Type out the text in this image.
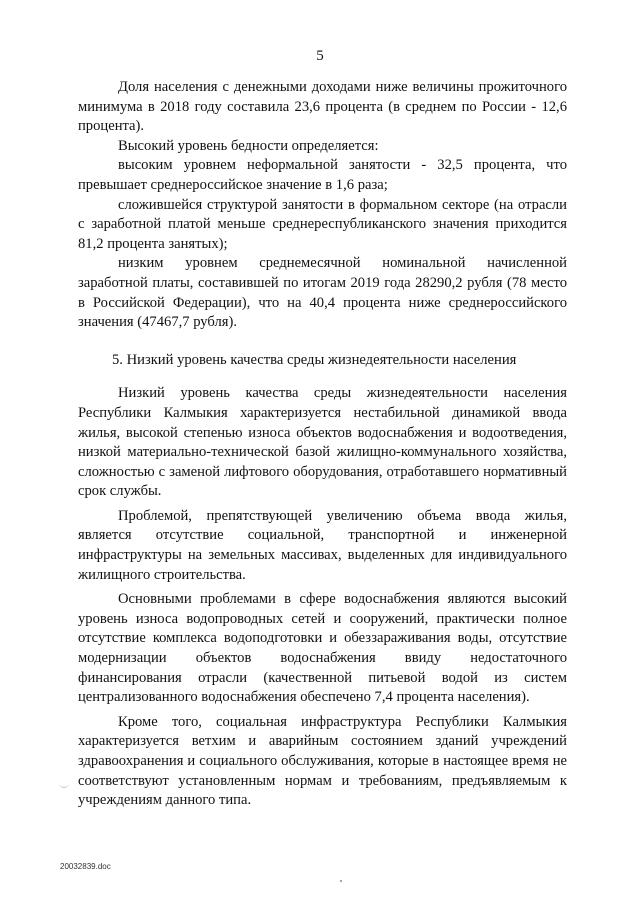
5

Доля населения с денежными доходами ниже величины прожиточного минимума в 2018 году составила 23,6 процента (в среднем по России - 12,6 процента).

Высокий уровень бедности определяется:

высоким уровнем неформальной занятости - 32,5 процента, что превышает среднероссийское значение в 1,6 раза;

сложившейся структурой занятости в формальном секторе (на отрасли с заработной платой меньше среднереспубликанского значения приходится 81,2 процента занятых);

низким уровнем среднемесячной номинальной начисленной заработной платы, составившей по итогам 2019 года 28290,2 рубля (78 место в Российской Федерации), что на 40,4 процента ниже среднероссийского значения (47467,7 рубля).

5. Низкий уровень качества среды жизнедеятельности населения

Низкий уровень качества среды жизнедеятельности населения Республики Калмыкия характеризуется нестабильной динамикой ввода жилья, высокой степенью износа объектов водоснабжения и водоотведения, низкой материально-технической базой жилищно-коммунального хозяйства, сложностью с заменой лифтового оборудования, отработавшего нормативный срок службы.

Проблемой, препятствующей увеличению объема ввода жилья, является отсутствие социальной, транспортной и инженерной инфраструктуры на земельных массивах, выделенных для индивидуального жилищного строительства.

Основными проблемами в сфере водоснабжения являются высокий уровень износа водопроводных сетей и сооружений, практически полное отсутствие комплекса водоподготовки и обеззараживания воды, отсутствие модернизации объектов водоснабжения ввиду недостаточного финансирования отрасли (качественной питьевой водой из систем централизованного водоснабжения обеспечено 7,4 процента населения).

Кроме того, социальная инфраструктура Республики Калмыкия характеризуется ветхим и аварийным состоянием зданий учреждений здравоохранения и социального обслуживания, которые в настоящее время не соответствуют установленным нормам и требованиям, предъявляемым к учреждениям данного типа.

20032839.doc
